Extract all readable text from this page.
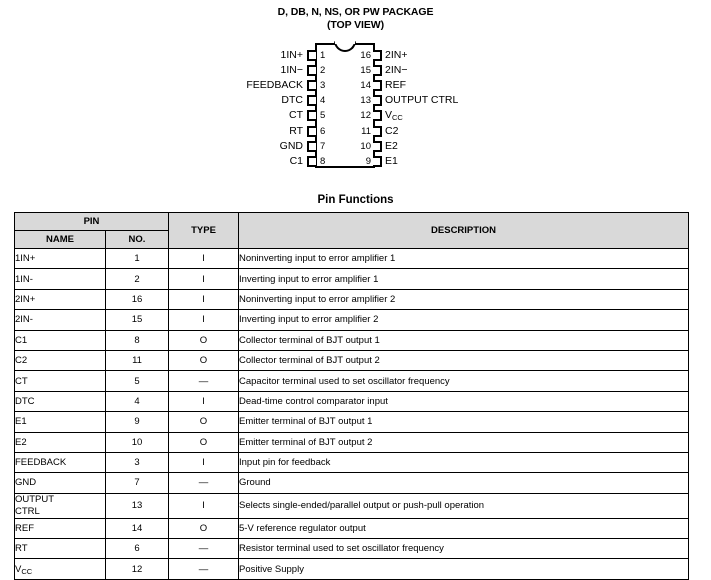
D, DB, N, NS, OR PW PACKAGE
(TOP VIEW)
1
1IN+
2
1IN−
3
FEEDBACK
4
DTC
5
CT
6
RT
7
GND
8
C1
16 2IN+
15 2IN−
14 REF
13 OUTPUT CTRL
12 $V_{CC}$
11 C2
10 E2
9 E1
Pin Functions
PIN		TYPE	DESCRIPTION
NAME	NO.		
1IN+	1	I	Noninverting input to error amplifier 1
1IN-	2	I	Inverting input to error amplifier 1
2IN+	16	I	Noninverting input to error amplifier 2
2IN-	15	I	Inverting input to error amplifier 2
C1	8	O	Collector terminal of BJT output 1
C2	11	O	Collector terminal of BJT output 2
CT	5	—	Capacitor terminal used to set oscillator frequency
DTC	4	I	Dead-time control comparator input
E1	9	O	Emitter terminal of BJT output 1
E2	10	O	Emitter terminal of BJT output 2
FEEDBACK	3	I	Input pin for feedback
GND	7	—	Ground

OUTPUT
CTRL	13	I	Selects single-ended/parallel output or push-pull operation
REF	14	O	5-V reference regulator output
RT	6	—	Resistor terminal used to set oscillator frequency
$V_{CC}$	12	—	Positive Supply
